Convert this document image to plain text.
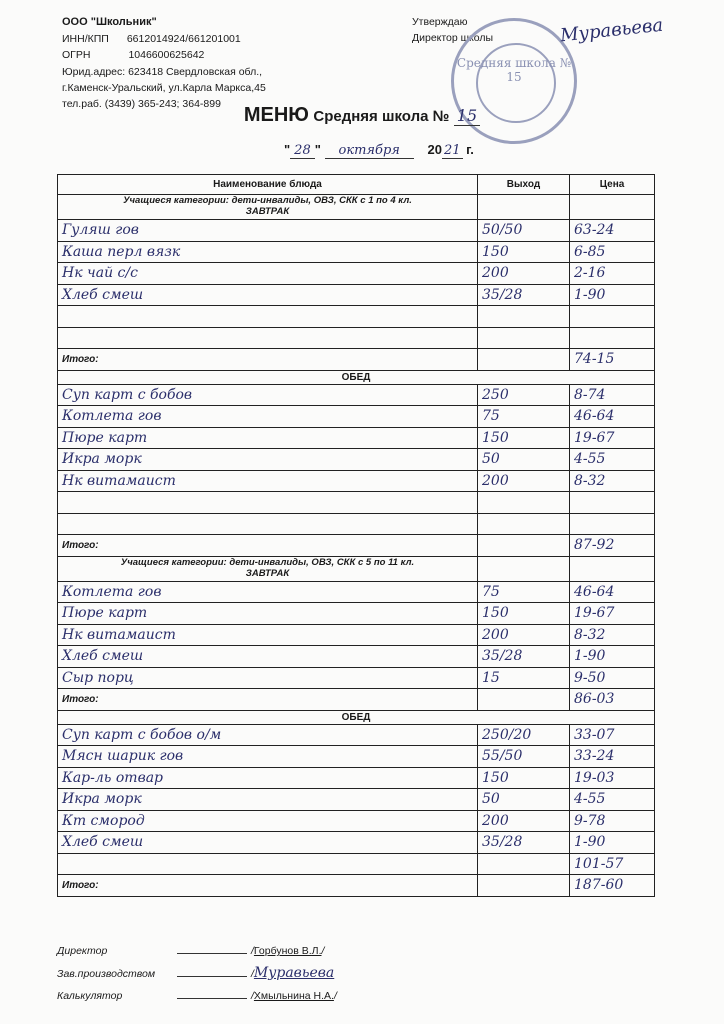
ООО "Школьник"
ИНН/КПП 6612014924/661201001
ОГРН	1046600625642
Юрид.адрес: 623418 Свердловская обл.,
г.Каменск-Уральский, ул.Карла Маркса,45
тел.раб. (3439) 365-243; 364-899
Утверждаю
Директор школы
Средняя школа № 15
Муравьева
МЕНЮ Средняя школа № 15
" 28 " октября 20 21 г.
Наименование блюда	Выход	Цена

Учащиеся категории: дети-инвалиды, ОВЗ, СКК с 1 по 4 кл.
ЗАВТРАК		

Гуляш гов	50/50	63-24
Каша перл вязк	150	6-85
Нк чай с/с	200	2-16
Хлеб смеш	35/28	1-90

Итого:		74-15
ОБЕД		
Суп карт с бобов	250	8-74
Котлета гов	75	46-64
Пюре карт	150	19-67
Икра морк	50	4-55
Нк витамаист	200	8-32

Итого:		87-92

Учащиеся категории: дети-инвалиды, ОВЗ, СКК с 5 по 11 кл.
ЗАВТРАК		

Котлета гов	75	46-64
Пюре карт	150	19-67
Нк витамаист	200	8-32
Хлеб смеш	35/28	1-90
Сыр порц	15	9-50
Итого:		86-03
ОБЕД		
Суп карт с бобов о/м	250/20	33-07
Мясн шарик гов	55/50	33-24
Кар-ль отвар	150	19-03
Икра морк	50	4-55
Кт смород	200	9-78
Хлеб смеш	35/28	1-90
		101-57
Итого:		187-60
Директор	/ Горбунов В.Л. /
Зав.производством	/ Муравьева
Калькулятор	/ Хмыльнина Н.А. /
